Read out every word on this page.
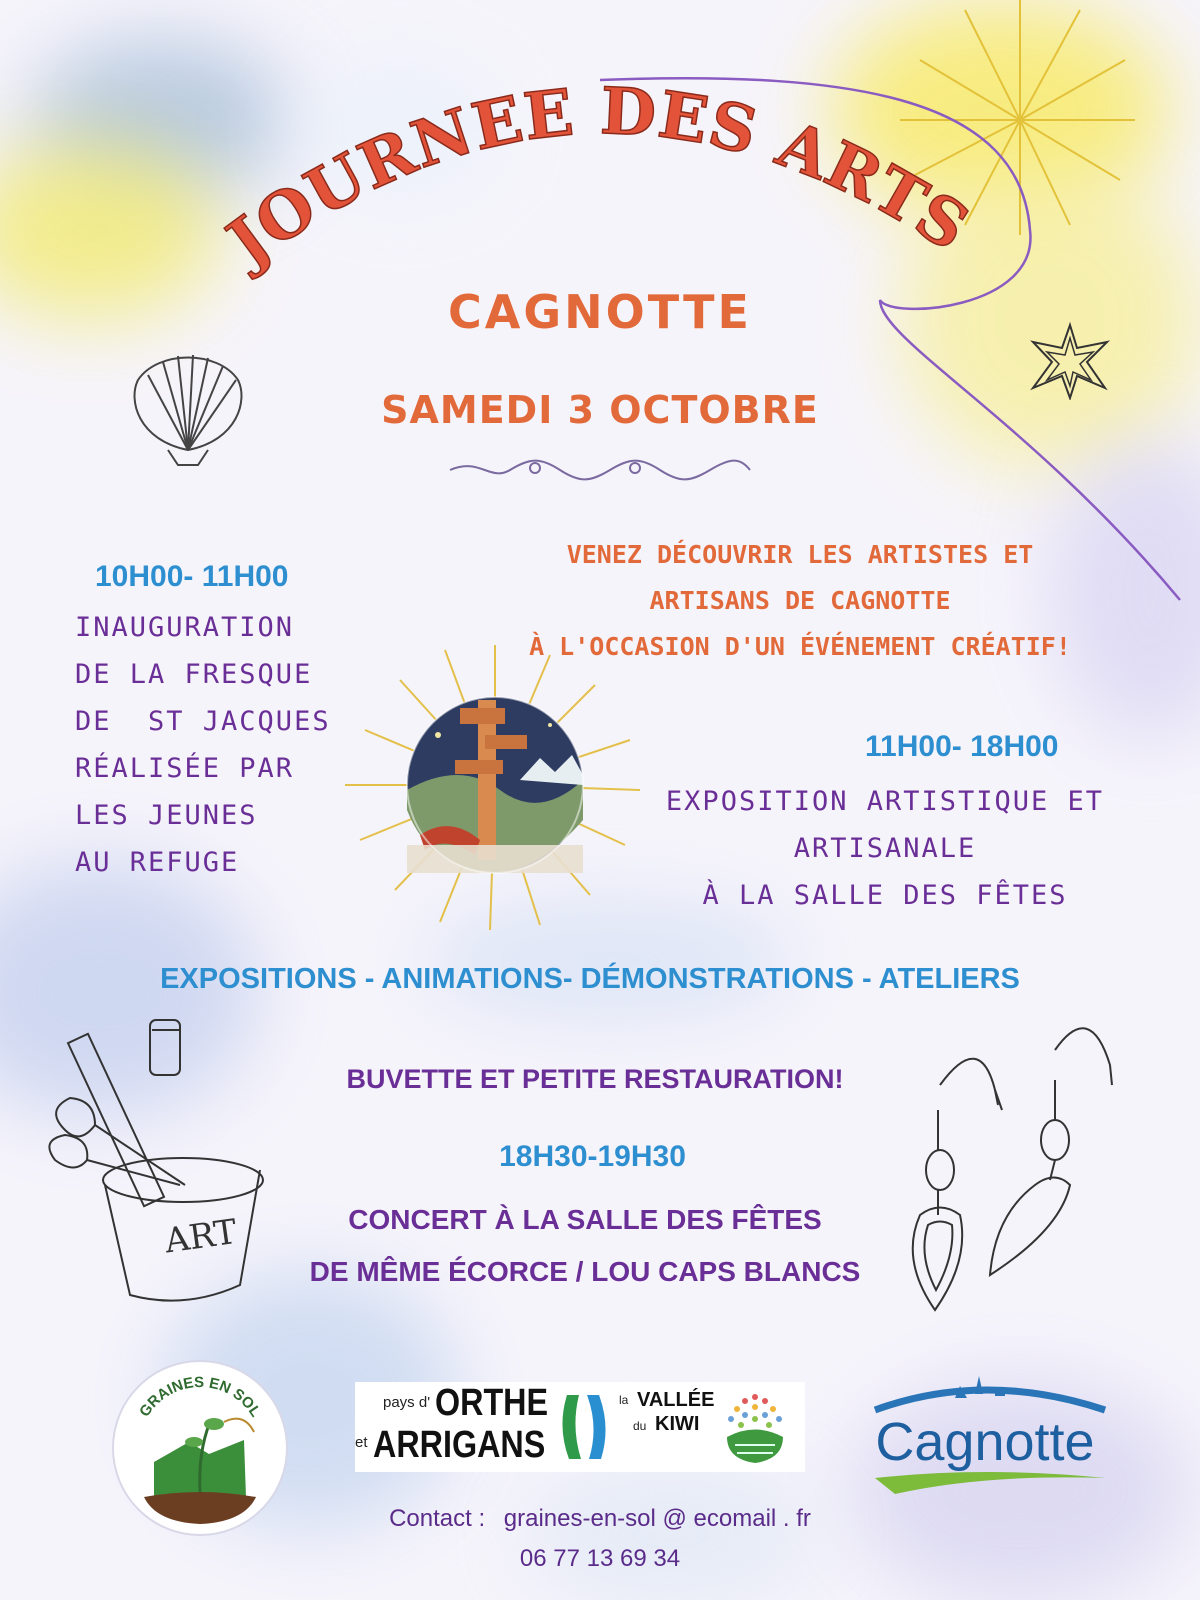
JOURNEE DES ARTS
CAGNOTTE
SAMEDI 3 OCTOBRE
VENEZ DÉCOUVRIR LES ARTISTES ET
ARTISANS DE CAGNOTTE
À L'OCCASION D'UN ÉVÉNEMENT CRÉATIF!
10H00- 11H00
INAUGURATION
DE LA FRESQUE
DE  ST JACQUES
RÉALISÉE PAR
LES JEUNES
AU REFUGE
11H00- 18H00
EXPOSITION ARTISTIQUE ET
ARTISANALE
À LA SALLE DES FÊTES
EXPOSITIONS - ANIMATIONS- DÉMONSTRATIONS - ATELIERS
ART
BUVETTE ET PETITE RESTAURATION!
18H30-19H30
CONCERT À LA SALLE DES FÊTES
DE MÊME ÉCORCE / LOU CAPS BLANCS
GRAINES EN SOL
pays d' ORTHE
et ARRIGANS
la VALLÉE
du KIWI	Cagnotte
Contact : graines-en-sol @ ecomail . fr
06 77 13 69 34
